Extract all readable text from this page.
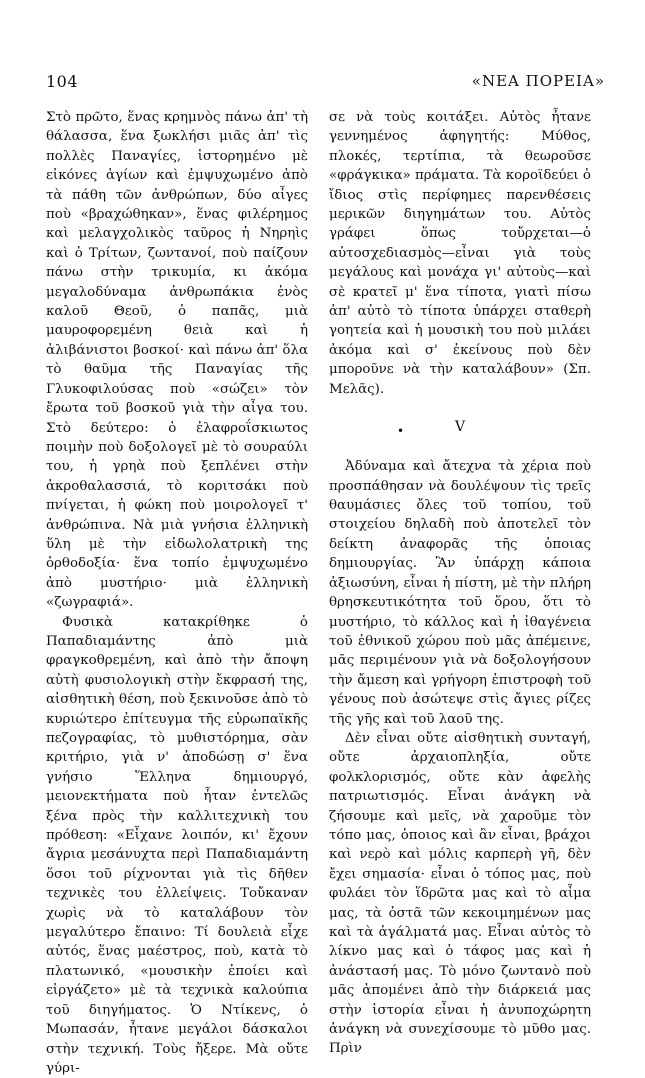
104	«ΝΕΑ ΠΟΡΕΙΑ»

Στὸ πρῶτο, ἕνας κρημνὸς πάνω ἀπ' τὴ θάλασσα, ἕνα ξωκλήσι μιᾶς ἀπ' τὶς πολλὲς Παναγίες, ἱστορημένο μὲ εἰκόνες ἁγίων καὶ ἐμψυχωμένο ἀπὸ τὰ πάθη τῶν ἀνθρώπων, δύο αἶγες ποὺ «βραχώθηκαν», ἕνας φιλέρημος καὶ μελαγχολικὸς ταῦρος ἡ Νηρηὶς καὶ ὁ Τρίτων, ζωντανοί, ποὺ παίζουν πάνω στὴν τρικυμία, κι ἀκόμα μεγαλοδύναμα ἀνθρωπάκια ἑνὸς καλοῦ Θεοῦ, ὁ παπᾶς, μιὰ μαυροφορεμένη θειὰ καὶ ἡ ἀλιβάνιστοι βοσκοί· καὶ πάνω ἀπ' ὅλα τὸ θαῦμα τῆς Παναγίας τῆς Γλυκοφιλούσας ποὺ «σώζει» τὸν ἔρωτα τοῦ βοσκοῦ γιὰ τὴν αἶγα του. Στὸ δεύτερο: ὁ ἐλαφροΐσκιωτος ποιμὴν ποὺ δοξολογεῖ μὲ τὸ σουραύλι του, ἡ γρηὰ ποὺ ξεπλένει στὴν ἀκροθαλασσιά, τὸ κοριτσάκι ποὺ πνίγεται, ἡ φώκη ποὺ μοιρολογεῖ τ' ἀνθρώπινα. Νὰ μιὰ γνήσια ἑλληνικὴ ὕλη μὲ τὴν εἰδωλολατρικὴ της ὀρθοδοξία· ἕνα τοπίο ἐμψυχωμένο ἀπὸ μυστήριο· μιὰ ἑλληνικὴ «ζωγραφιά».

Φυσικὰ κατακρίθηκε ὁ Παπαδιαμάντης ἀπὸ μιὰ φραγκοθρεμένη, καὶ ἀπὸ τὴν ἄποψη αὐτὴ φυσιολογικὴ στὴν ἔκφρασή της, αἰσθητικὴ θέση, ποὺ ξεκινοῦσε ἀπὸ τὸ κυριώτερο ἐπίτευγμα τῆς εὐρωπαϊκῆς πεζογραφίας, τὸ μυθιστόρημα, σὰν κριτήριο, γιὰ ν' ἀποδώσῃ σ' ἕνα γνήσιο Ἕλληνα δημιουργό, μειονεκτήματα ποὺ ἦταν ἐντελῶς ξένα πρὸς τὴν καλλιτεχνικὴ του πρόθεση: «Εἶχανε λοιπόν, κι' ἔχουν ἄγρια μεσάνυχτα περὶ Παπαδιαμάντη ὅσοι τοῦ ρίχνονται γιὰ τὶς δῆθεν τεχνικὲς του ἐλλείψεις. Τοὔκαναν χωρὶς νὰ τὸ καταλάβουν τὸν μεγαλύτερο ἔπαινο: Τί δουλειὰ εἶχε αὐτός, ἕνας μαέστρος, ποὺ, κατὰ τὸ πλατωνικό, «μουσικὴν ἐποίει καὶ εἰργάζετο» μὲ τὰ τεχνικὰ καλούπια τοῦ διηγήματος. Ὁ Ντίκενς, ὁ Μωπασάν, ἦτανε μεγάλοι δάσκαλοι στὴν τεχνική. Τοὺς ἤξερε. Μὰ οὔτε γύρι-

σε νὰ τοὺς κοιτάξει. Αὐτὸς ἦτανε γεννημένος ἀφηγητής: Μύθος, πλοκές, τερτίπια, τὰ θεωροῦσε «φράγκικα» πράματα. Τὰ κοροϊδεύει ὁ ἴδιος στὶς περίφημες παρενθέσεις μερικῶν διηγημάτων του. Αὐτὸς γράφει ὅπως τοὔρχεται—ὁ αὐτοσχεδιασμὸς—εἶναι γιὰ τοὺς μεγάλους καὶ μονάχα γι' αὐτοὺς—καὶ σὲ κρατεῖ μ' ἕνα τίποτα, γιατὶ πίσω ἀπ' αὐτὸ τὸ τίποτα ὑπάρχει σταθερὴ γοητεία καὶ ἡ μουσικὴ του ποὺ μιλάει ἀκόμα καὶ σ' ἐκείνους ποὺ δὲν μποροῦνε νὰ τὴν καταλάβουν» (Σπ. Μελᾶς).

•	V

Ἀδύναμα καὶ ἄτεχνα τὰ χέρια ποὺ προσπάθησαν νὰ δουλέψουν τὶς τρεῖς θαυμάσιες ὄλες τοῦ τοπίου, τοῦ στοιχείου δηλαδὴ ποὺ ἀποτελεῖ τὸν δείκτη ἀναφορᾶς τῆς ὁποιας δημιουργίας. Ἂν ὑπάρχῃ κάποια ἀξιωσύνη, εἶναι ἡ πίστη, μὲ τὴν πλήρη θρησκευτικότητα τοῦ ὅρου, ὅτι τὸ μυστήριο, τὸ κάλλος καὶ ἡ ἰθαγένεια τοῦ ἐθνικοῦ χώρου ποὺ μᾶς ἀπέμεινε, μᾶς περιμένουν γιὰ νὰ δοξολογήσουν τὴν ἄμεση καὶ γρήγορη ἐπιστροφὴ τοῦ γένους ποὺ ἀσώτεψε στὶς ἄγιες ρίζες τῆς γῆς καὶ τοῦ λαοῦ της.

Δὲν εἶναι οὔτε αἰσθητικὴ συνταγή, οὔτε ἀρχαιοπληξία, οὔτε φολκλορισμός, οὔτε κὰν ἀφελὴς πατριωτισμός. Εἶναι ἀνάγκη νὰ ζήσουμε καὶ μεῖς, νὰ χαροῦμε τὸν τόπο μας, ὁποιος καὶ ἂν εἶναι, βράχοι καὶ νερὸ καὶ μόλις καρπερὴ γῆ, δὲν ἔχει σημασία· εἶναι ὁ τόπος μας, ποὺ φυλάει τὸν ἵδρῶτα μας καὶ τὸ αἷμα μας, τὰ ὀστᾶ τῶν κεκοιμημένων μας καὶ τὰ ἀγάλματά μας. Εἶναι αὐτὸς τὸ λίκνο μας καὶ ὁ τάφος μας καὶ ἡ ἀνάστασή μας. Τὸ μόνο ζωντανὸ ποὺ μᾶς ἀπομένει ἀπὸ τὴν διάρκειά μας στὴν ἱστορία εἶναι ἡ ἀνυποχώρητη ἀνάγκη νὰ συνεχίσουμε τὸ μῦθο μας. Πρὶν
